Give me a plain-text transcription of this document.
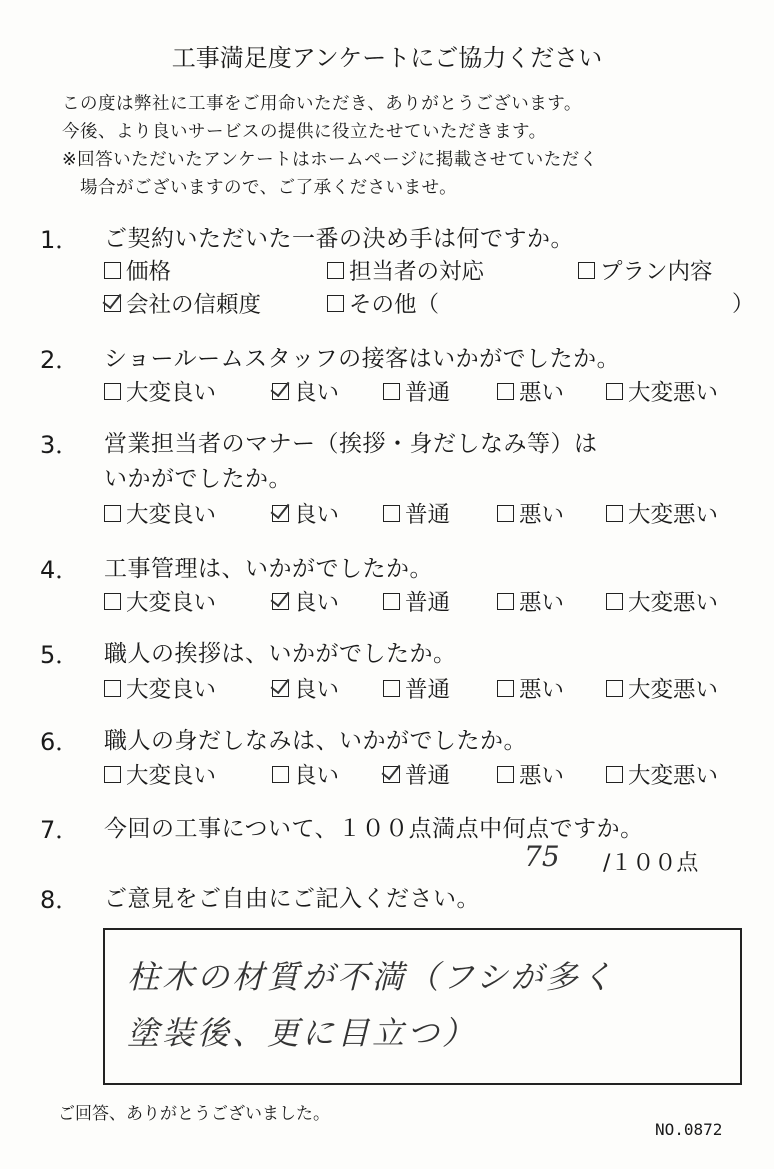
工事満足度アンケートにご協力ください
この度は弊社に工事をご用命いただき、ありがとうございます。
今後、より良いサービスの提供に役立たせていただきます。
※回答いただいたアンケートはホームページに掲載させていただく
　場合がございますので、ご了承くださいませ。
1． ご契約いただいた一番の決め手は何ですか。
価格	担当者の対応	プラン内容
会社の信頼度	その他（	）
2． ショールームスタッフの接客はいかがでしたか。
大変良い	良い	普通	悪い	大変悪い
3． 営業担当者のマナー（挨拶・身だしなみ等）は
いかがでしたか。
大変良い	良い	普通	悪い	大変悪い
4． 工事管理は、いかがでしたか。
大変良い	良い	普通	悪い	大変悪い
5． 職人の挨拶は、いかがでしたか。
大変良い	良い	普通	悪い	大変悪い
6． 職人の身だしなみは、いかがでしたか。
大変良い	良い	普通	悪い	大変悪い
7． 今回の工事について、１００点満点中何点ですか。
75 /１００点
8． ご意見をご自由にご記入ください。
柱木の材質が不満（フシが多く
塗装後、更に目立つ）
ご回答、ありがとうございました。
NO.0872
